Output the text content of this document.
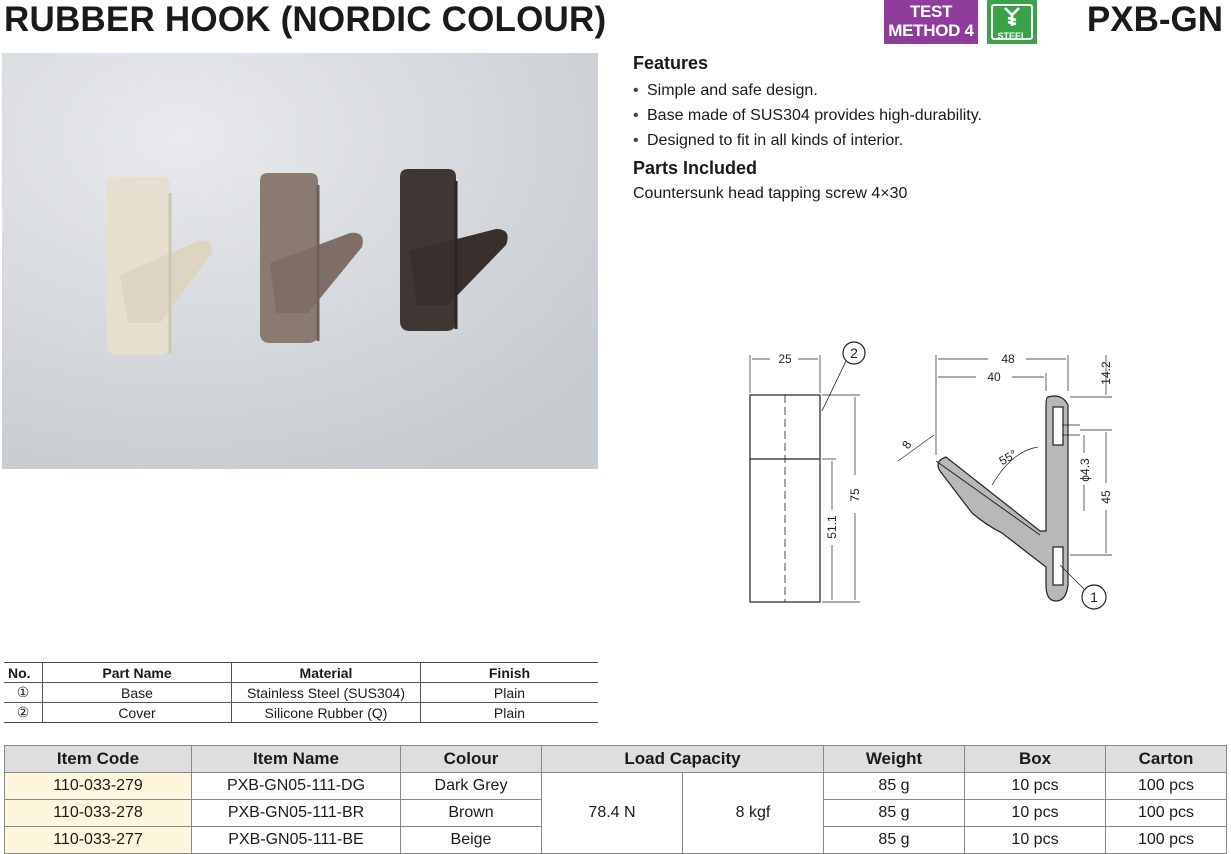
RUBBER HOOK (NORDIC COLOUR)	TEST
METHOD 4	STEEL	PXB-GN
Features
• Simple and safe design.
• Base made of SUS304 provides high-durability.
• Designed to fit in all kinds of interior.
Parts Included
Countersunk head tapping screw 4×30
25	2
75
51.1
48
40	14.2
ϕ4.3
45
55°
8
1
No.	Part Name	Material	Finish
①	Base	Stainless Steel (SUS304)	Plain
②	Cover	Silicone Rubber (Q)	Plain
Item Code	Item Name	Colour	Load Capacity		Weight	Box	Carton
110-033-279	PXB-GN05-111-DG	Dark Grey	78.4 N	8 kgf	85 g	10 pcs	100 pcs
110-033-278	PXB-GN05-111-BR	Brown			85 g	10 pcs	100 pcs
110-033-277	PXB-GN05-111-BE	Beige			85 g	10 pcs	100 pcs
